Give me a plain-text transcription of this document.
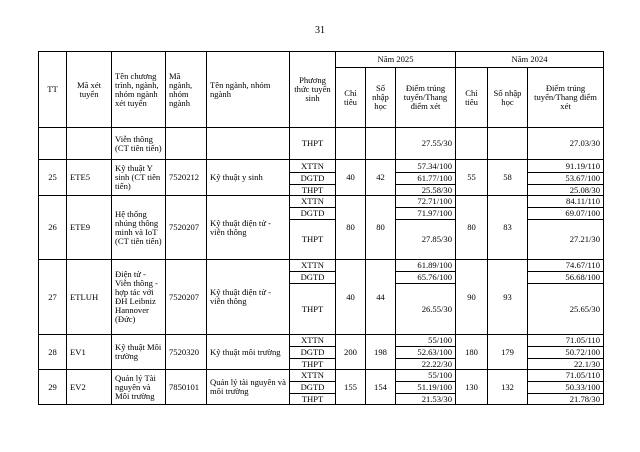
31
TT	Mã xét tuyển	Tên chương trình, ngành, nhóm ngành xét tuyển	Mã ngành, nhóm ngành	Tên ngành, nhóm ngành	Phương thức tuyển sinh	Năm 2025			Năm 2024		
						Chỉ tiêu	Số nhập học	Điểm trúng tuyển/Thang điểm xét	Chỉ tiêu	Số nhập học	Điểm trúng tuyển/Thang điểm xét
		Viễn thông (CT tiên tiến)			THPT			27.55/30			27.03/30
25	ETE5	Kỹ thuật Y sinh (CT tiên tiến)	7520212	Kỹ thuật y sinh	XTTN	40	42	57.34/100	55	58	91.19/110
					DGTD			61.77/100			53.67/100
					THPT			25.58/30			25.08/30
26	ETE9	Hệ thống nhúng thông minh và IoT (CT tiên tiến)	7520207	Kỹ thuật điện tử - viễn thông	XTTN	80	80	72.71/100	80	83	84.11/110
					DGTD			71.97/100			69.07/100
					THPT			27.85/30			27.21/30
27	ETLUH	Điện tử - Viễn thông - hợp tác với ĐH Leibniz Hannover (Đức)	7520207	Kỹ thuật điện tử - viễn thông	XTTN	40	44	61.89/100	90	93	74.67/110
					DGTD			65.76/100			56.68/100
					THPT			26.55/30			25.65/30
28	EV1	Kỹ thuật Môi trường	7520320	Kỹ thuật môi trường	XTTN	200	198	55/100	180	179	71.05/110
					DGTD			52.63/100			50.72/100
					THPT			22.22/30			22.1/30
29	EV2	Quản lý Tài nguyên và Môi trường	7850101	Quản lý tài nguyên và môi trường	XTTN	155	154	55/100	130	132	71.05/110
					DGTD			51.19/100			50.33/100
					THPT			21.53/30			21.78/30
